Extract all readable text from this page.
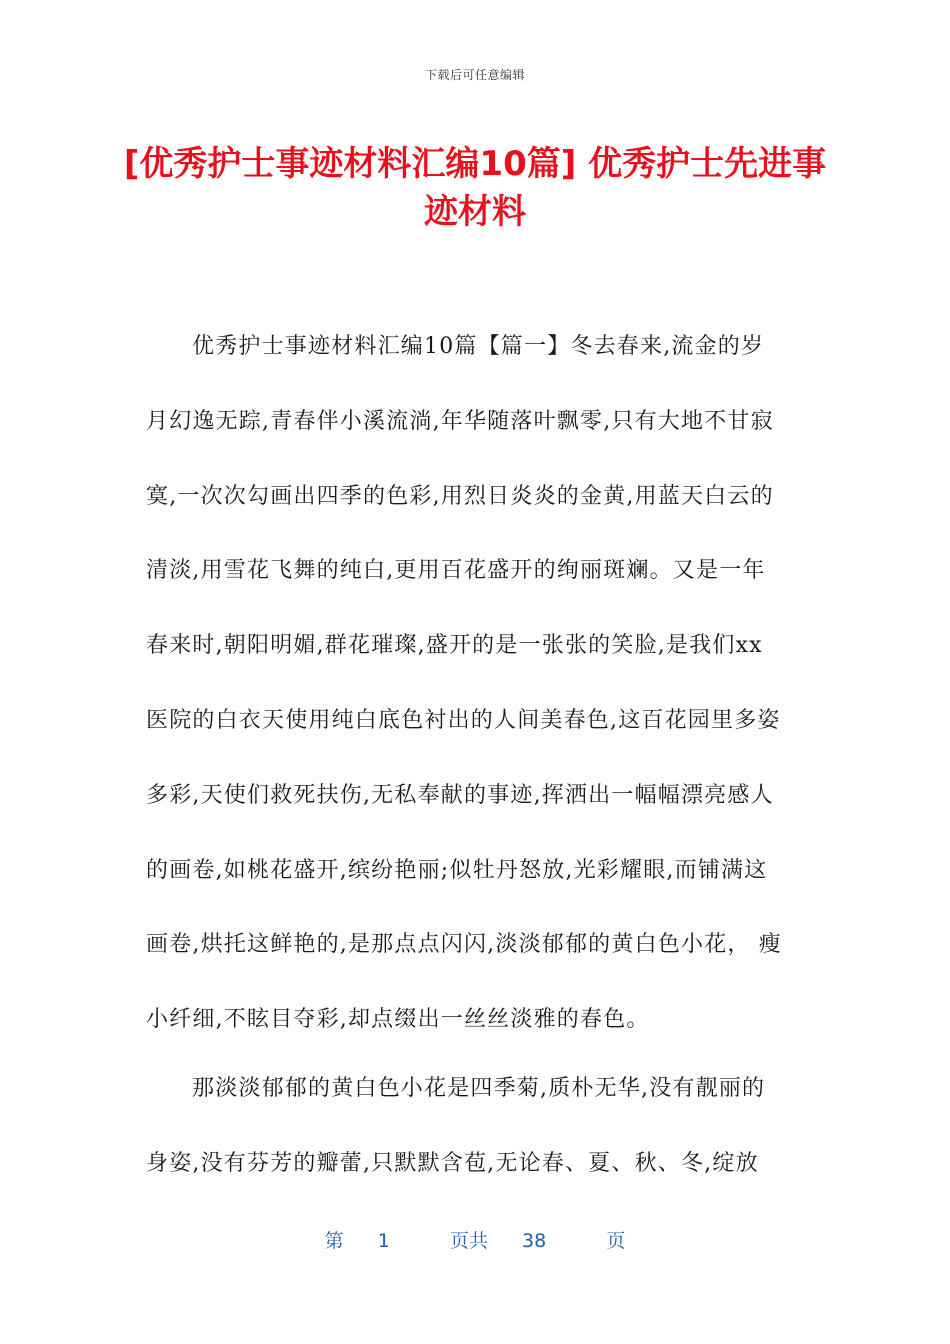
下载后可任意编辑
[优秀护士事迹材料汇编10篇] 优秀护士先进事迹材料
优秀护士事迹材料汇编10篇【篇一】冬去春来,流金的岁
月幻逸无踪,青春伴小溪流淌,年华随落叶飘零,只有大地不甘寂
寞,一次次勾画出四季的色彩,用烈日炎炎的金黄,用蓝天白云的
清淡,用雪花飞舞的纯白,更用百花盛开的绚丽斑斓。又是一年
春来时,朝阳明媚,群花璀璨,盛开的是一张张的笑脸,是我们xx
医院的白衣天使用纯白底色衬出的人间美春色,这百花园里多姿
多彩,天使们救死扶伤,无私奉献的事迹,挥洒出一幅幅漂亮感人
的画卷,如桃花盛开,缤纷艳丽;似牡丹怒放,光彩耀眼,而铺满这
画卷,烘托这鲜艳的,是那点点闪闪,淡淡郁郁的黄白色小花， 瘦
小纤细,不眩目夺彩,却点缀出一丝丝淡雅的春色。
那淡淡郁郁的黄白色小花是四季菊,质朴无华,没有靓丽的
身姿,没有芬芳的瓣蕾,只默默含苞,无论春、夏、秋、冬,绽放
第 1	页共 38	页
